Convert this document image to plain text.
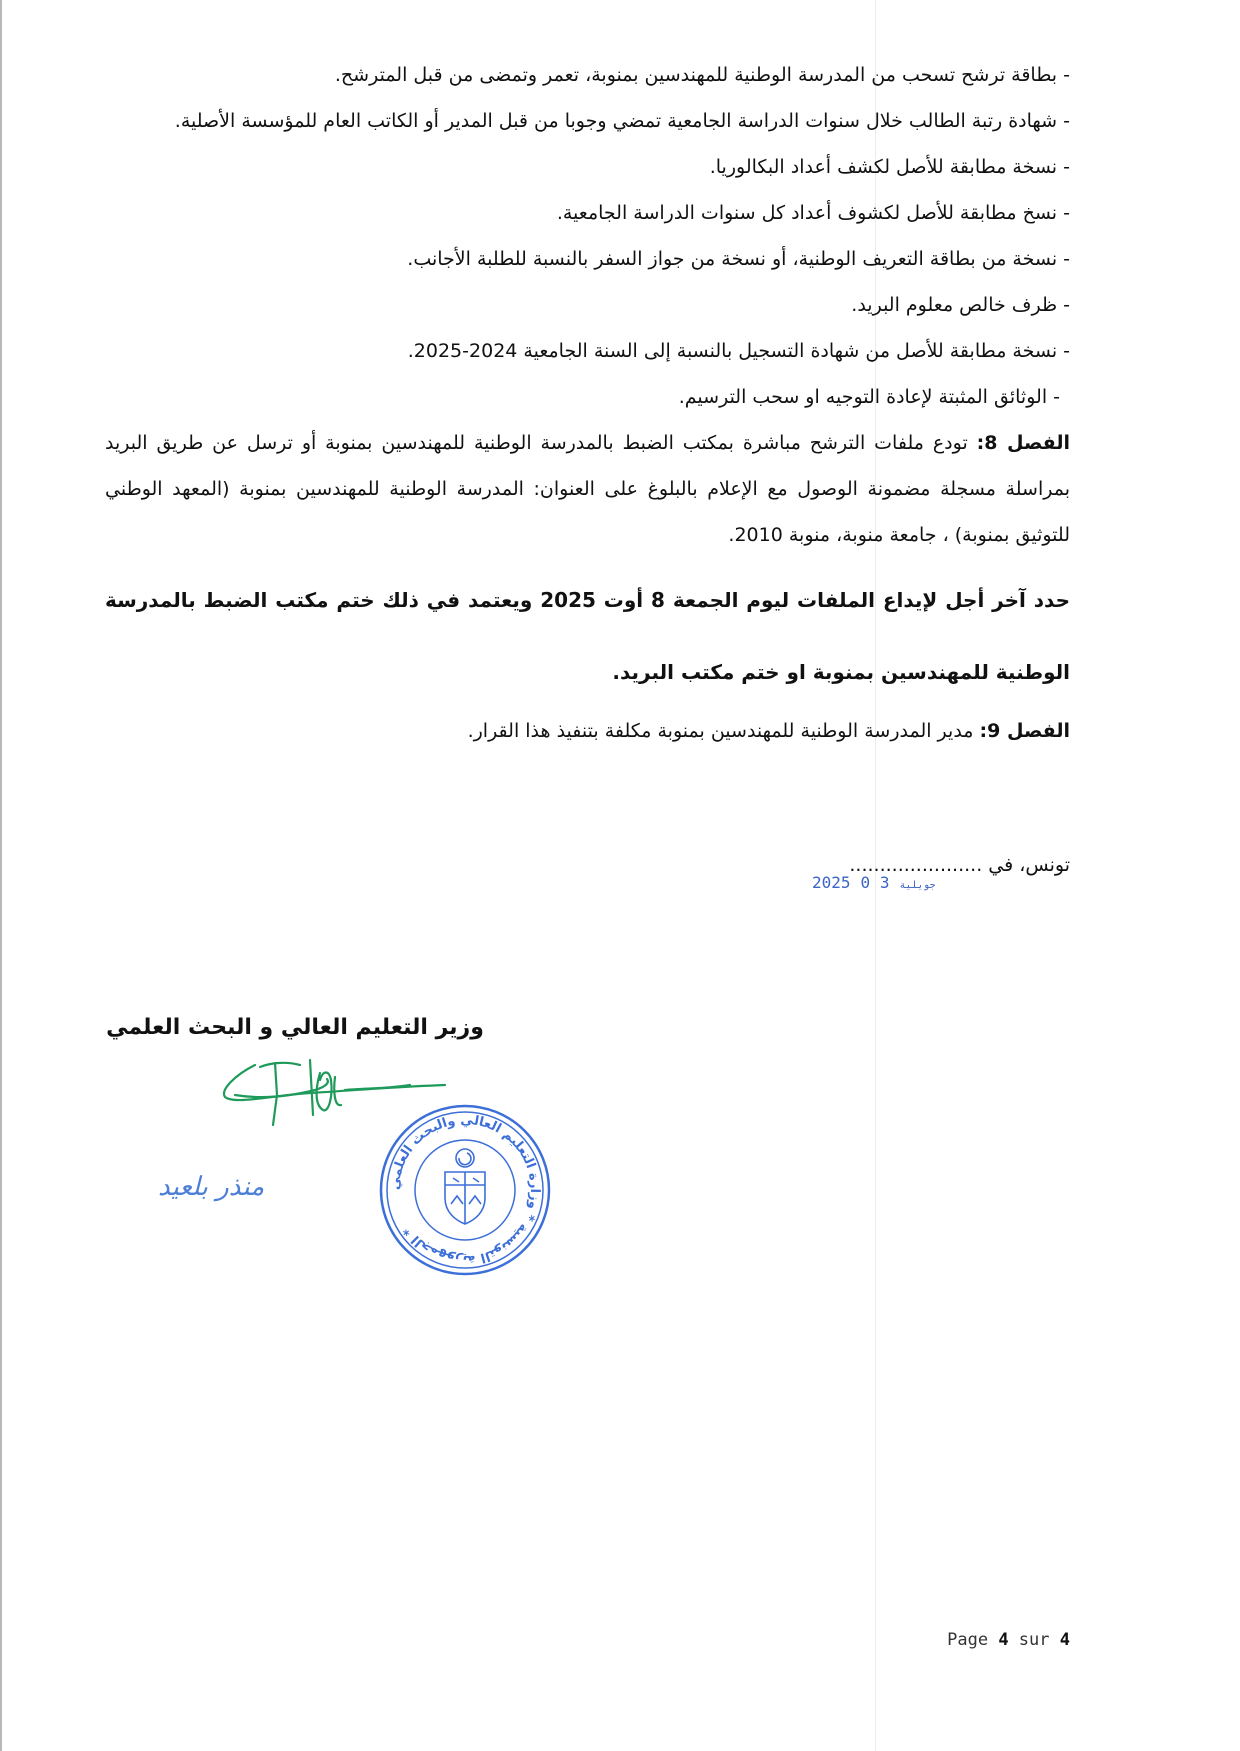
- بطاقة ترشح تسحب من المدرسة الوطنية للمهندسين بمنوبة، تعمر وتمضى من قبل المترشح.

- شهادة رتبة الطالب خلال سنوات الدراسة الجامعية تمضي وجوبا من قبل المدير أو الكاتب العام للمؤسسة الأصلية.

- نسخة مطابقة للأصل لكشف أعداد البكالوريا.

- نسخ مطابقة للأصل لكشوف أعداد كل سنوات الدراسة الجامعية.

- نسخة من بطاقة التعريف الوطنية، أو نسخة من جواز السفر بالنسبة للطلبة الأجانب.

- ظرف خالص معلوم البريد.

- نسخة مطابقة للأصل من شهادة التسجيل بالنسبة إلى السنة الجامعية 2024-2025.

- الوثائق المثبتة لإعادة التوجيه او سحب الترسيم.

الفصل 8: تودع ملفات الترشح مباشرة بمكتب الضبط بالمدرسة الوطنية للمهندسين بمنوبة أو ترسل عن طريق البريد بمراسلة مسجلة مضمونة الوصول مع الإعلام بالبلوغ على العنوان: المدرسة الوطنية للمهندسين بمنوبة (المعهد الوطني للتوثيق بمنوبة) ، جامعة منوبة، منوبة 2010.

حدد آخر أجل لإيداع الملفات ليوم الجمعة 8 أوت 2025 ويعتمد في ذلك ختم مكتب الضبط بالمدرسة الوطنية للمهندسين بمنوبة او ختم مكتب البريد.

الفصل 9: مدير المدرسة الوطنية للمهندسين بمنوبة مكلفة بتنفيذ هذا القرار.

تونس، في ......................
2025	جويلية3 0
وزير التعليم العالي و البحث العلمي
منذر بلعيد	الجمهورية التونسية * وزارة التعليم العالي والبحث العلمي *
Page 4 sur 4
